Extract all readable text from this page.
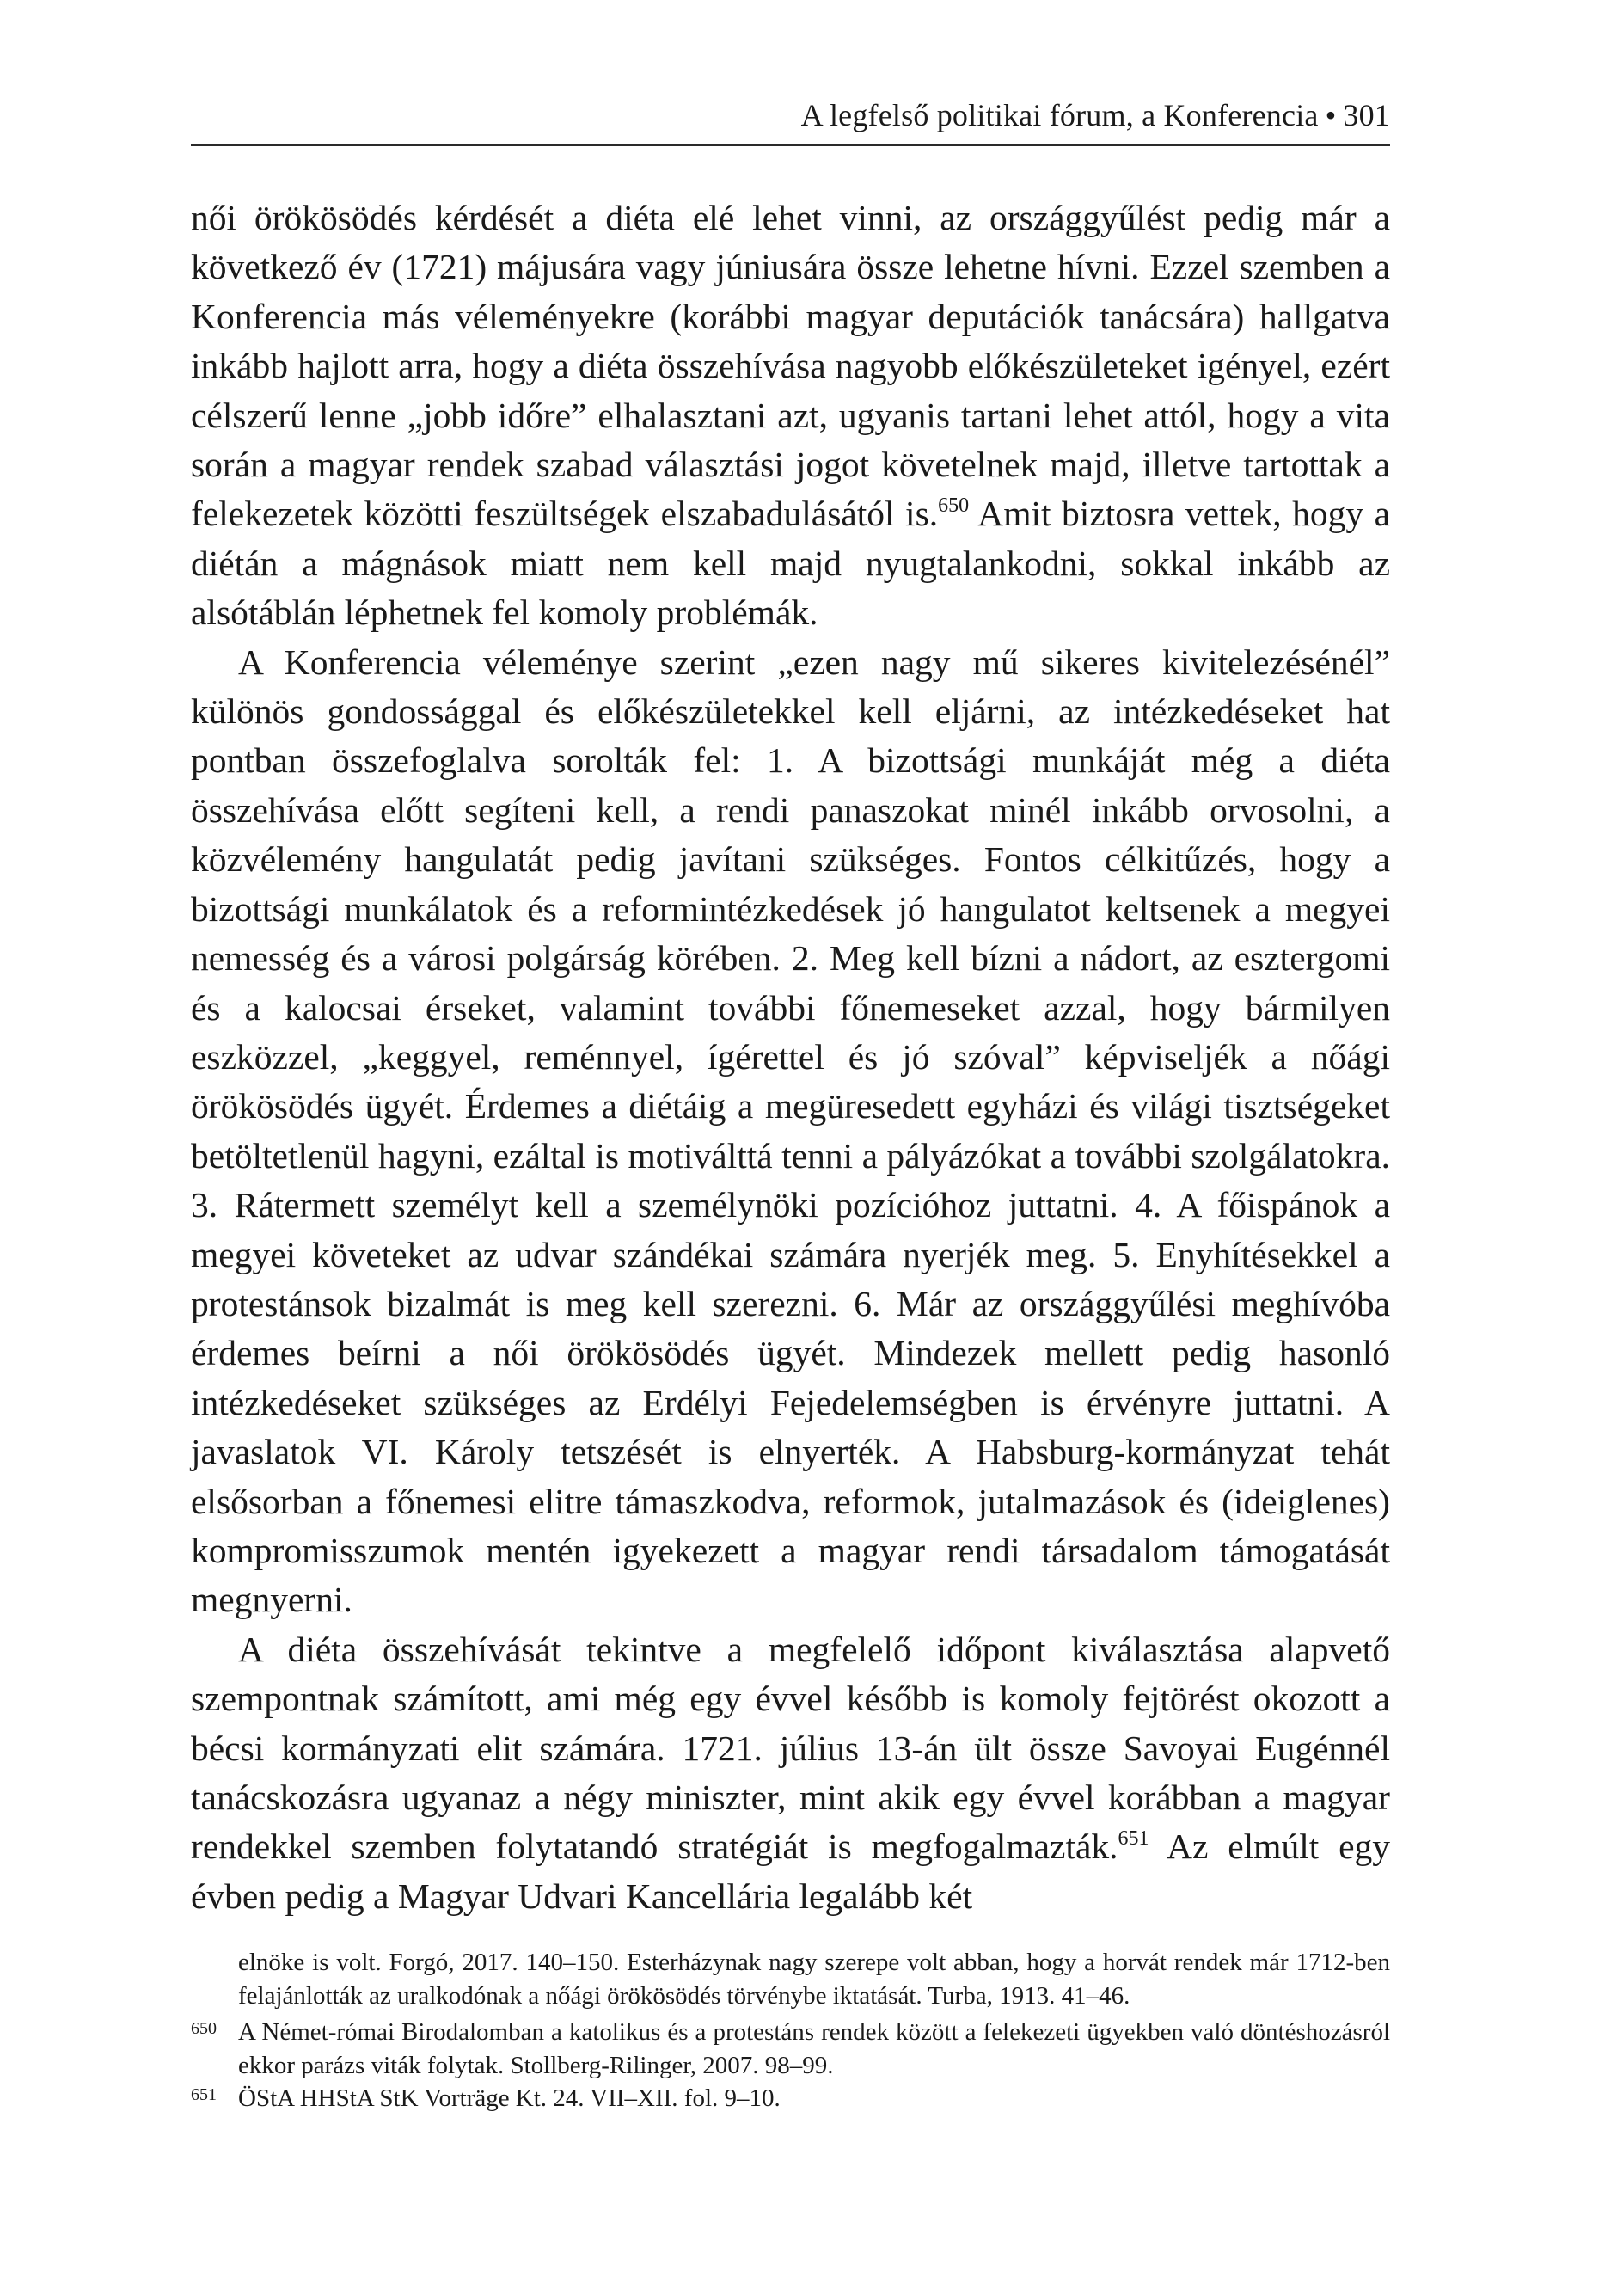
A legfelső politikai fórum, a Konferencia • 301

női örökösödés kérdését a diéta elé lehet vinni, az országgyűlést pedig már a következő év (1721) májusára vagy júniusára össze lehetne hívni. Ezzel szemben a Konferencia más véleményekre (korábbi magyar deputációk tanácsára) hallgatva inkább hajlott arra, hogy a diéta összehívása nagyobb előkészületeket igényel, ezért célszerű lenne „jobb időre” elhalasztani azt, ugyanis tartani lehet attól, hogy a vita során a magyar rendek szabad választási jogot követelnek majd, illetve tartottak a felekezetek közötti feszültségek elszabadulásától is.$^{650}$ Amit biztosra vettek, hogy a diétán a mágnások miatt nem kell majd nyugtalankodni, sokkal inkább az alsótáblán léphetnek fel komoly problémák.

A Konferencia véleménye szerint „ezen nagy mű sikeres kivitelezésénél” különös gondossággal és előkészületekkel kell eljárni, az intézkedéseket hat pontban összefoglalva sorolták fel: 1. A bizottsági munkáját még a diéta összehívása előtt segíteni kell, a rendi panaszokat minél inkább orvosolni, a közvélemény hangulatát pedig javítani szükséges. Fontos célkitűzés, hogy a bizottsági munkálatok és a reformintézkedések jó hangulatot keltsenek a megyei nemesség és a városi polgárság körében. 2. Meg kell bízni a nádort, az esztergomi és a kalocsai érseket, valamint további főnemeseket azzal, hogy bármilyen eszközzel, „keggyel, reménnyel, ígérettel és jó szóval” képviseljék a nőági örökösödés ügyét. Érdemes a diétáig a megüresedett egyházi és világi tisztségeket betöltetlenül hagyni, ezáltal is motiválttá tenni a pályázókat a további szolgálatokra. 3. Rátermett személyt kell a személynöki pozícióhoz juttatni. 4. A főispánok a megyei követeket az udvar szándékai számára nyerjék meg. 5. Enyhítésekkel a protestánsok bizalmát is meg kell szerezni. 6. Már az országgyűlési meghívóba érdemes beírni a női örökösödés ügyét. Mindezek mellett pedig hasonló intézkedéseket szükséges az Erdélyi Fejedelemségben is érvényre juttatni. A javaslatok VI. Károly tetszését is elnyerték. A Habsburg-kormányzat tehát elsősorban a főnemesi elitre támaszkodva, reformok, jutalmazások és (ideiglenes) kompromisszumok mentén igyekezett a magyar rendi társadalom támogatását megnyerni.

A diéta összehívását tekintve a megfelelő időpont kiválasztása alapvető szempontnak számított, ami még egy évvel később is komoly fejtörést okozott a bécsi kormányzati elit számára. 1721. július 13-án ült össze Savoyai Eugénnél tanácskozásra ugyanaz a négy miniszter, mint akik egy évvel korábban a magyar rendekkel szemben folytatandó stratégiát is megfogalmazták.$^{651}$ Az elmúlt egy évben pedig a Magyar Udvari Kancellária legalább két

elnöke is volt. Forgó, 2017. 140–150. Esterházynak nagy szerepe volt abban, hogy a horvát rendek már 1712-ben felajánlották az uralkodónak a nőági örökösödés törvénybe iktatását. Turba, 1913. 41–46.

650 A Német-római Birodalomban a katolikus és a protestáns rendek között a felekezeti ügyekben való döntéshozásról ekkor parázs viták folytak. Stollberg-Rilinger, 2007. 98–99.

651 ÖStA HHStA StK Vorträge Kt. 24. VII–XII. fol. 9–10.
